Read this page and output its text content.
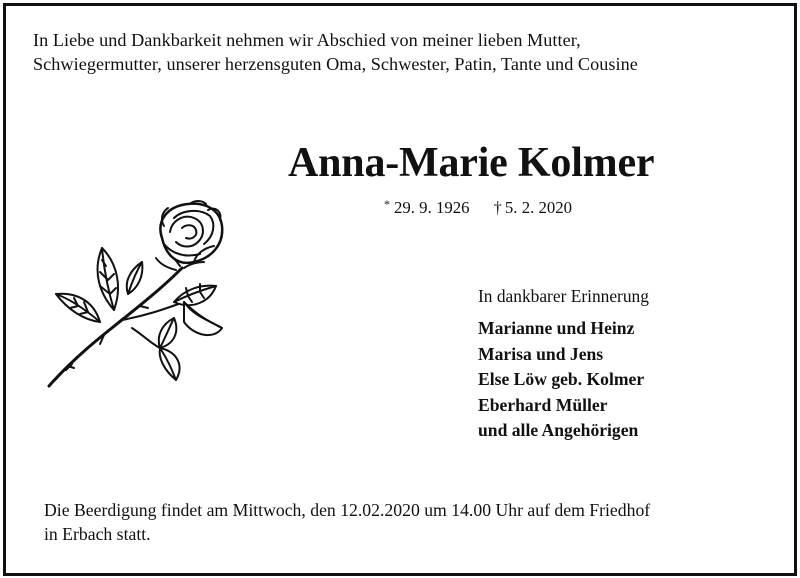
In Liebe und Dankbarkeit nehmen wir Abschied von meiner lieben Mutter,
Schwiegermutter, unserer herzensguten Oma, Schwester, Patin, Tante und Cousine
Anna-Marie Kolmer
* 29. 9. 1926 † 5. 2. 2020
In dankbarer Erinnerung
Marianne und Heinz
Marisa und Jens
Else Löw geb. Kolmer
Eberhard Müller
und alle Angehörigen
Die Beerdigung findet am Mittwoch, den 12.02.2020 um 14.00 Uhr auf dem Friedhof
in Erbach statt.
